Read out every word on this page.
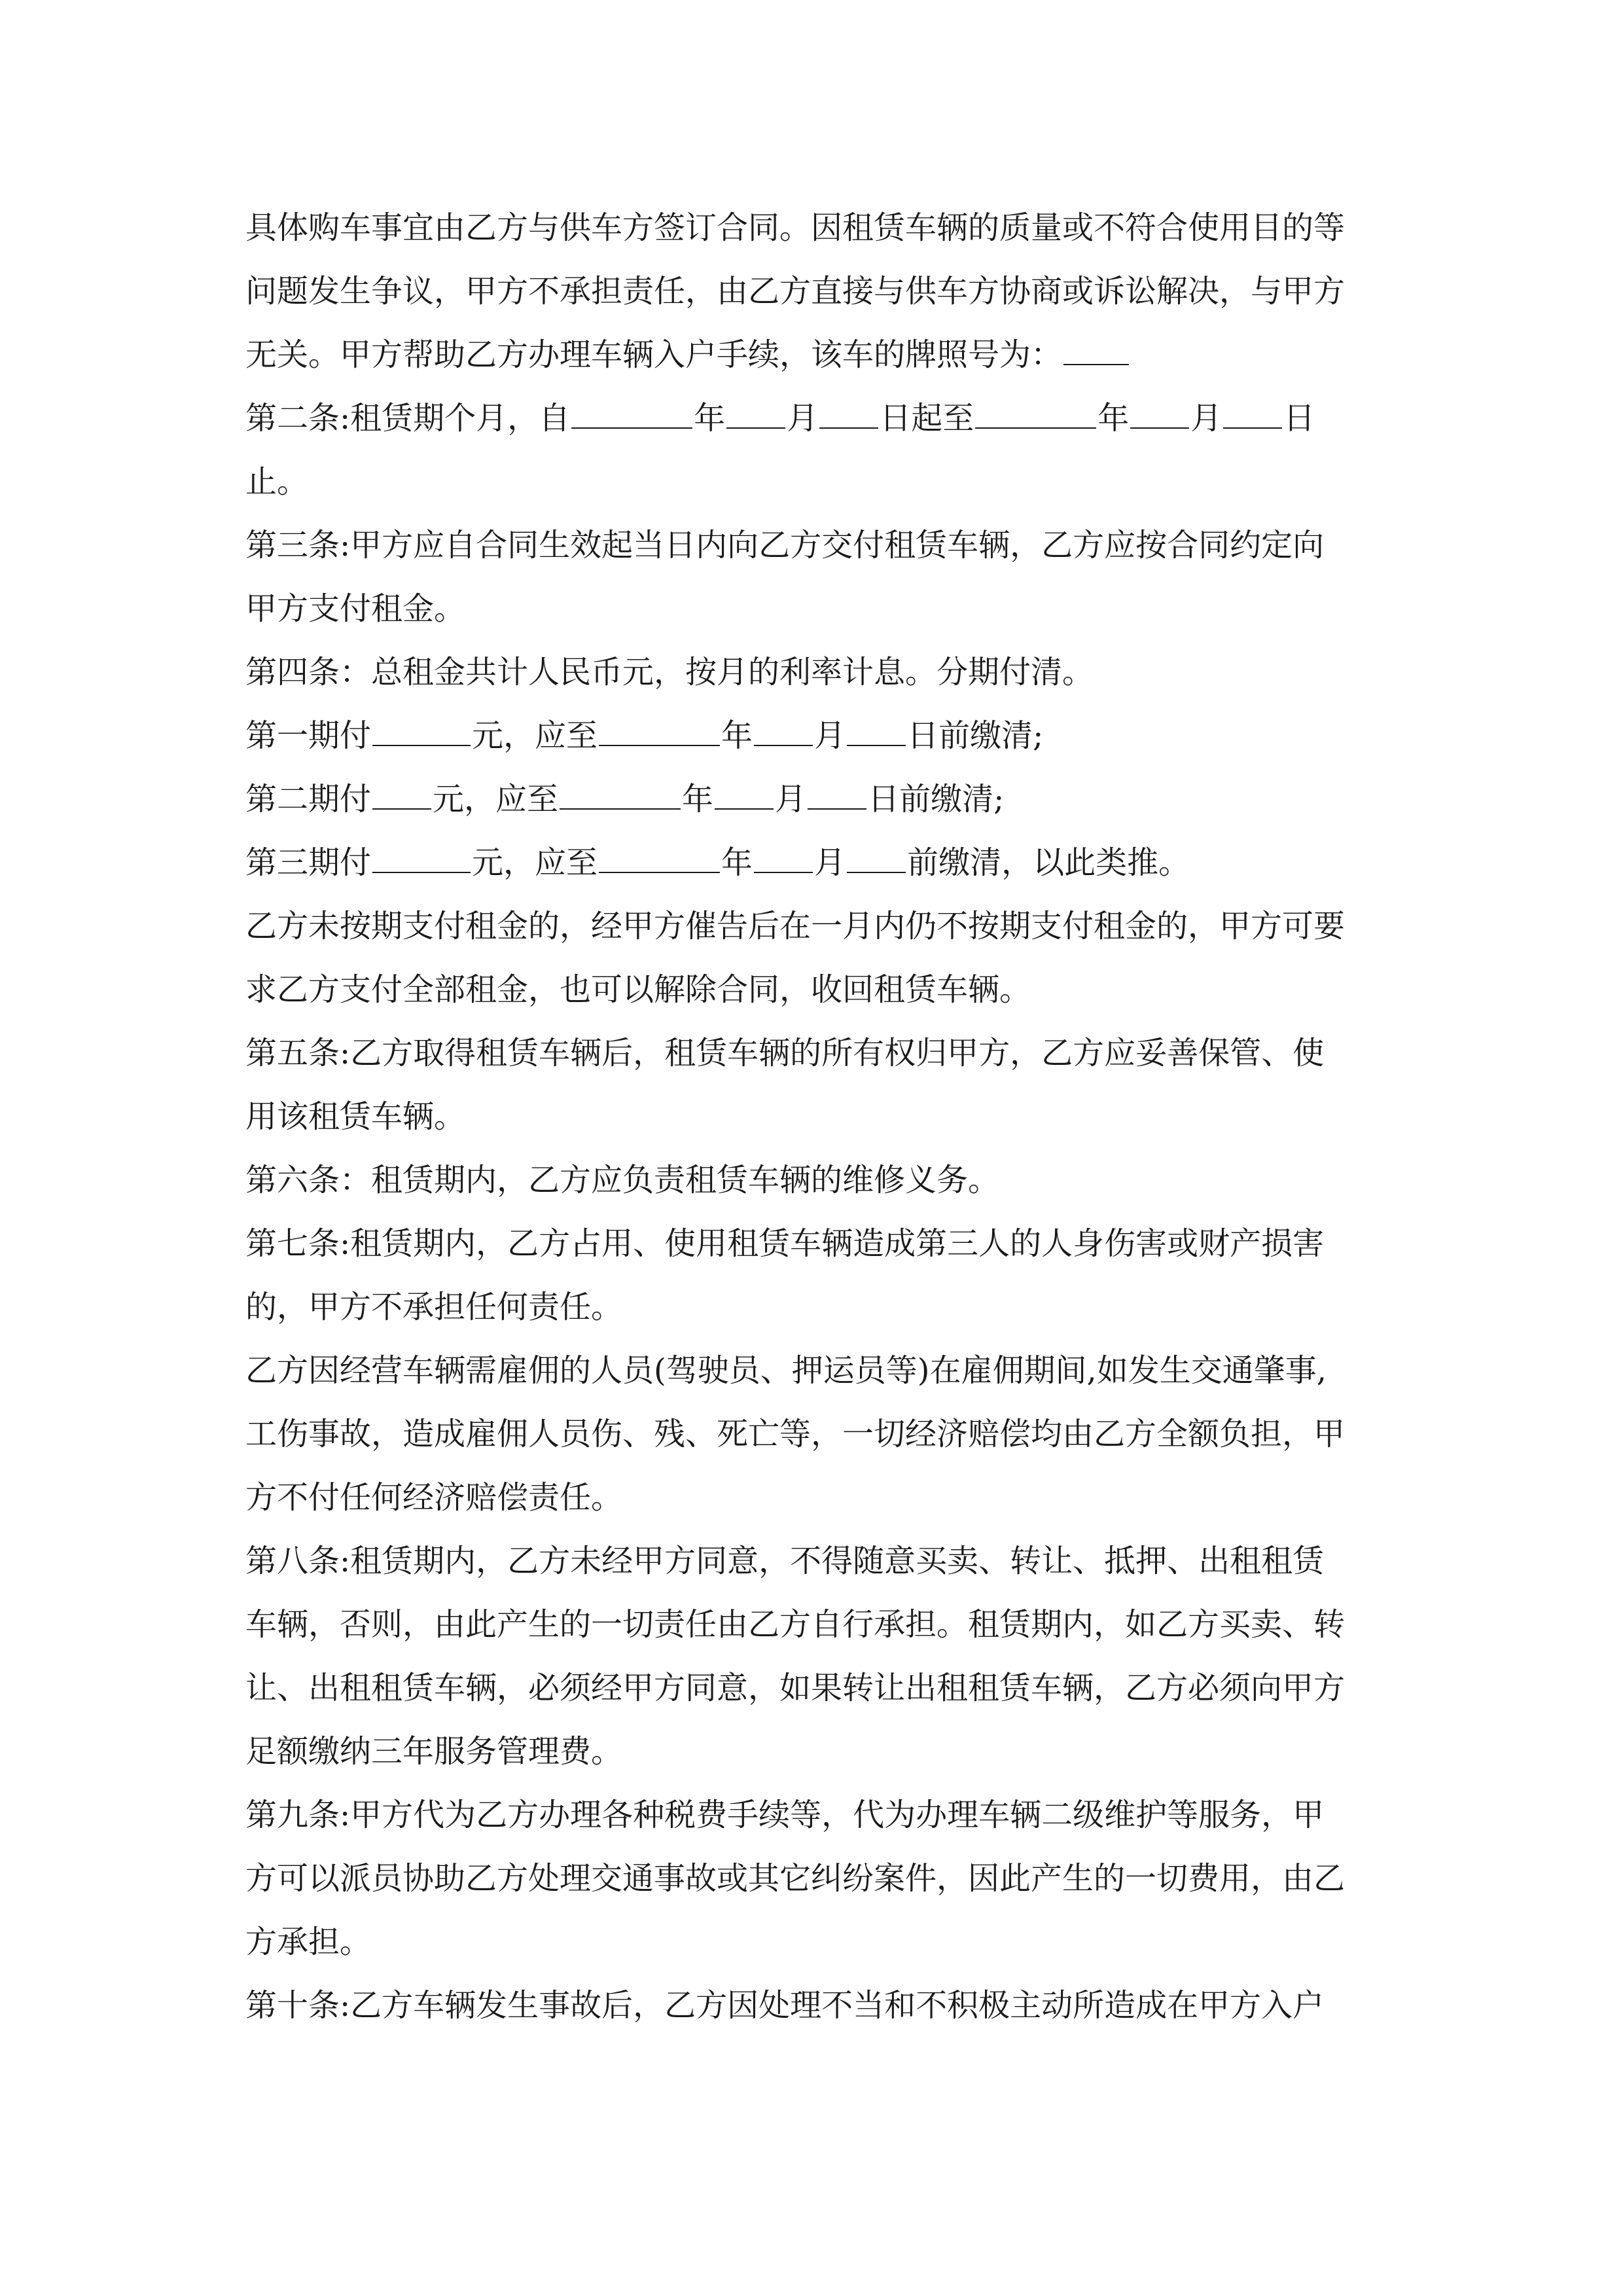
具体购车事宜由乙方与供车方签订合同。因租赁车辆的质量或不符合使用目的等
问题发生争议，甲方不承担责任，由乙方直接与供车方协商或诉讼解决，与甲方
无关。甲方帮助乙方办理车辆入户手续，该车的牌照号为：
第二条:租赁期个月，自	年 月 日起至	年 月 日
止。
第三条:甲方应自合同生效起当日内向乙方交付租赁车辆，乙方应按合同约定向
甲方支付租金。
第四条：总租金共计人民币元，按月的利率计息。分期付清。
第一期付	元，应至	年 月 日前缴清;
第二期付 元，应至	年 月 日前缴清;
第三期付	元，应至	年 月 前缴清，以此类推。
乙方未按期支付租金的，经甲方催告后在一月内仍不按期支付租金的，甲方可要
求乙方支付全部租金，也可以解除合同，收回租赁车辆。
第五条:乙方取得租赁车辆后，租赁车辆的所有权归甲方，乙方应妥善保管、使
用该租赁车辆。
第六条：租赁期内，乙方应负责租赁车辆的维修义务。
第七条:租赁期内，乙方占用、使用租赁车辆造成第三人的人身伤害或财产损害
的，甲方不承担任何责任。
乙方因经营车辆需雇佣的人员(驾驶员、押运员等)在雇佣期间,如发生交通肇事,
工伤事故，造成雇佣人员伤、残、死亡等，一切经济赔偿均由乙方全额负担，甲
方不付任何经济赔偿责任。
第八条:租赁期内，乙方未经甲方同意，不得随意买卖、转让、抵押、出租租赁
车辆，否则，由此产生的一切责任由乙方自行承担。租赁期内，如乙方买卖、转
让、出租租赁车辆，必须经甲方同意，如果转让出租租赁车辆，乙方必须向甲方
足额缴纳三年服务管理费。
第九条:甲方代为乙方办理各种税费手续等，代为办理车辆二级维护等服务，甲
方可以派员协助乙方处理交通事故或其它纠纷案件，因此产生的一切费用，由乙
方承担。
第十条:乙方车辆发生事故后，乙方因处理不当和不积极主动所造成在甲方入户
